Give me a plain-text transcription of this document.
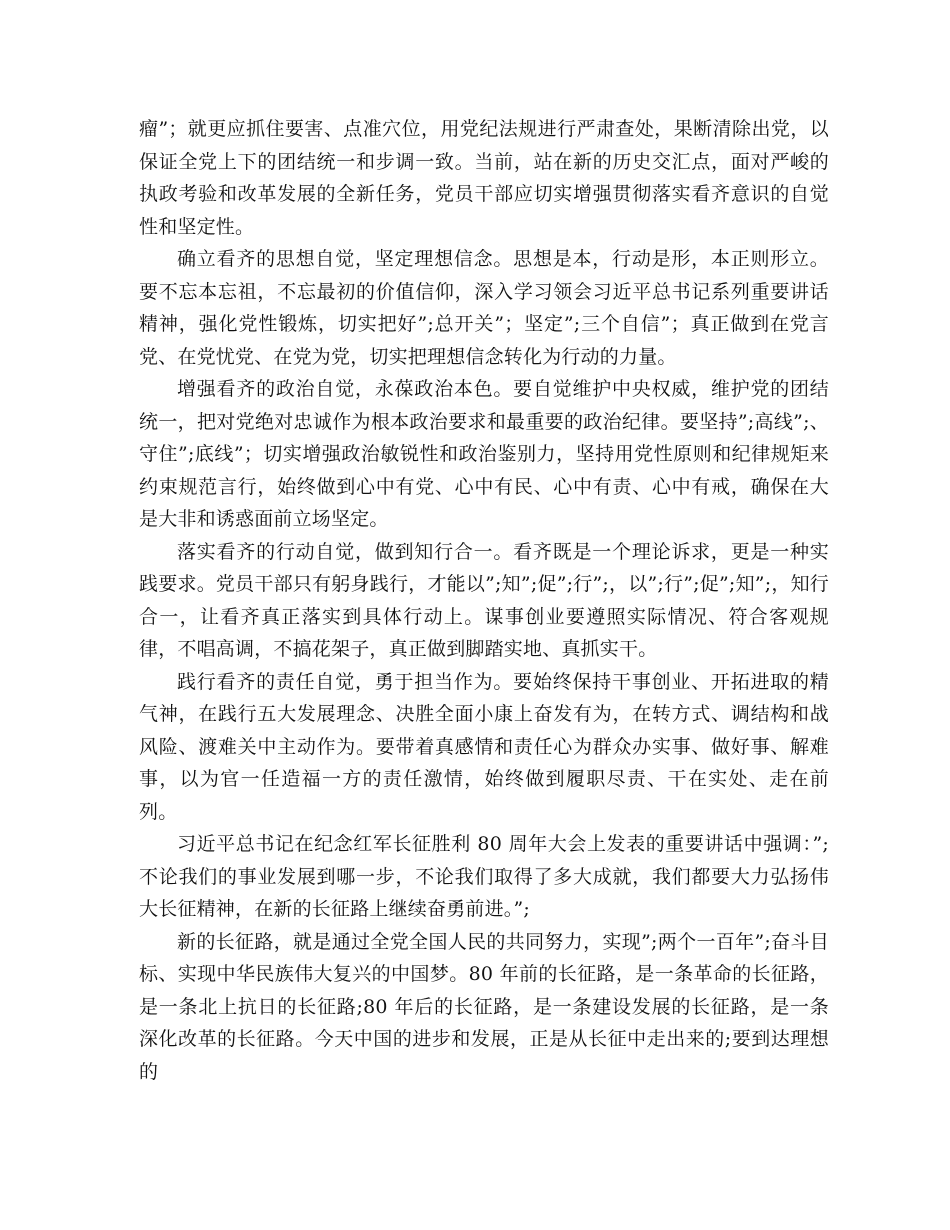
瘤”；就更应抓住要害、点准穴位，用党纪法规进行严肃查处，果断清除出党，以保证全党上下的团结统一和步调一致。当前，站在新的历史交汇点，面对严峻的执政考验和改革发展的全新任务，党员干部应切实增强贯彻落实看齐意识的自觉性和坚定性。

确立看齐的思想自觉，坚定理想信念。思想是本，行动是形，本正则形立。要不忘本忘祖，不忘最初的价值信仰，深入学习领会习近平总书记系列重要讲话精神，强化党性锻炼，切实把好”;总开关”；坚定”;三个自信”；真正做到在党言党、在党忧党、在党为党，切实把理想信念转化为行动的力量。

增强看齐的政治自觉，永葆政治本色。要自觉维护中央权威，维护党的团结统一，把对党绝对忠诚作为根本政治要求和最重要的政治纪律。要坚持”;高线”;、守住”;底线”；切实增强政治敏锐性和政治鉴别力，坚持用党性原则和纪律规矩来约束规范言行，始终做到心中有党、心中有民、心中有责、心中有戒，确保在大是大非和诱惑面前立场坚定。

落实看齐的行动自觉，做到知行合一。看齐既是一个理论诉求，更是一种实践要求。党员干部只有躬身践行，才能以”;知”;促”;行”;，以”;行”;促”;知”;，知行合一，让看齐真正落实到具体行动上。谋事创业要遵照实际情况、符合客观规律，不唱高调，不搞花架子，真正做到脚踏实地、真抓实干。

践行看齐的责任自觉，勇于担当作为。要始终保持干事创业、开拓进取的精气神，在践行五大发展理念、决胜全面小康上奋发有为，在转方式、调结构和战风险、渡难关中主动作为。要带着真感情和责任心为群众办实事、做好事、解难事，以为官一任造福一方的责任激情，始终做到履职尽责、干在实处、走在前列。

习近平总书记在纪念红军长征胜利 80 周年大会上发表的重要讲话中强调：”;不论我们的事业发展到哪一步，不论我们取得了多大成就，我们都要大力弘扬伟大长征精神，在新的长征路上继续奋勇前进。”;

新的长征路，就是通过全党全国人民的共同努力，实现”;两个一百年”;奋斗目标、实现中华民族伟大复兴的中国梦。80 年前的长征路，是一条革命的长征路，是一条北上抗日的长征路;80 年后的长征路，是一条建设发展的长征路，是一条深化改革的长征路。今天中国的进步和发展，正是从长征中走出来的;要到达理想的
